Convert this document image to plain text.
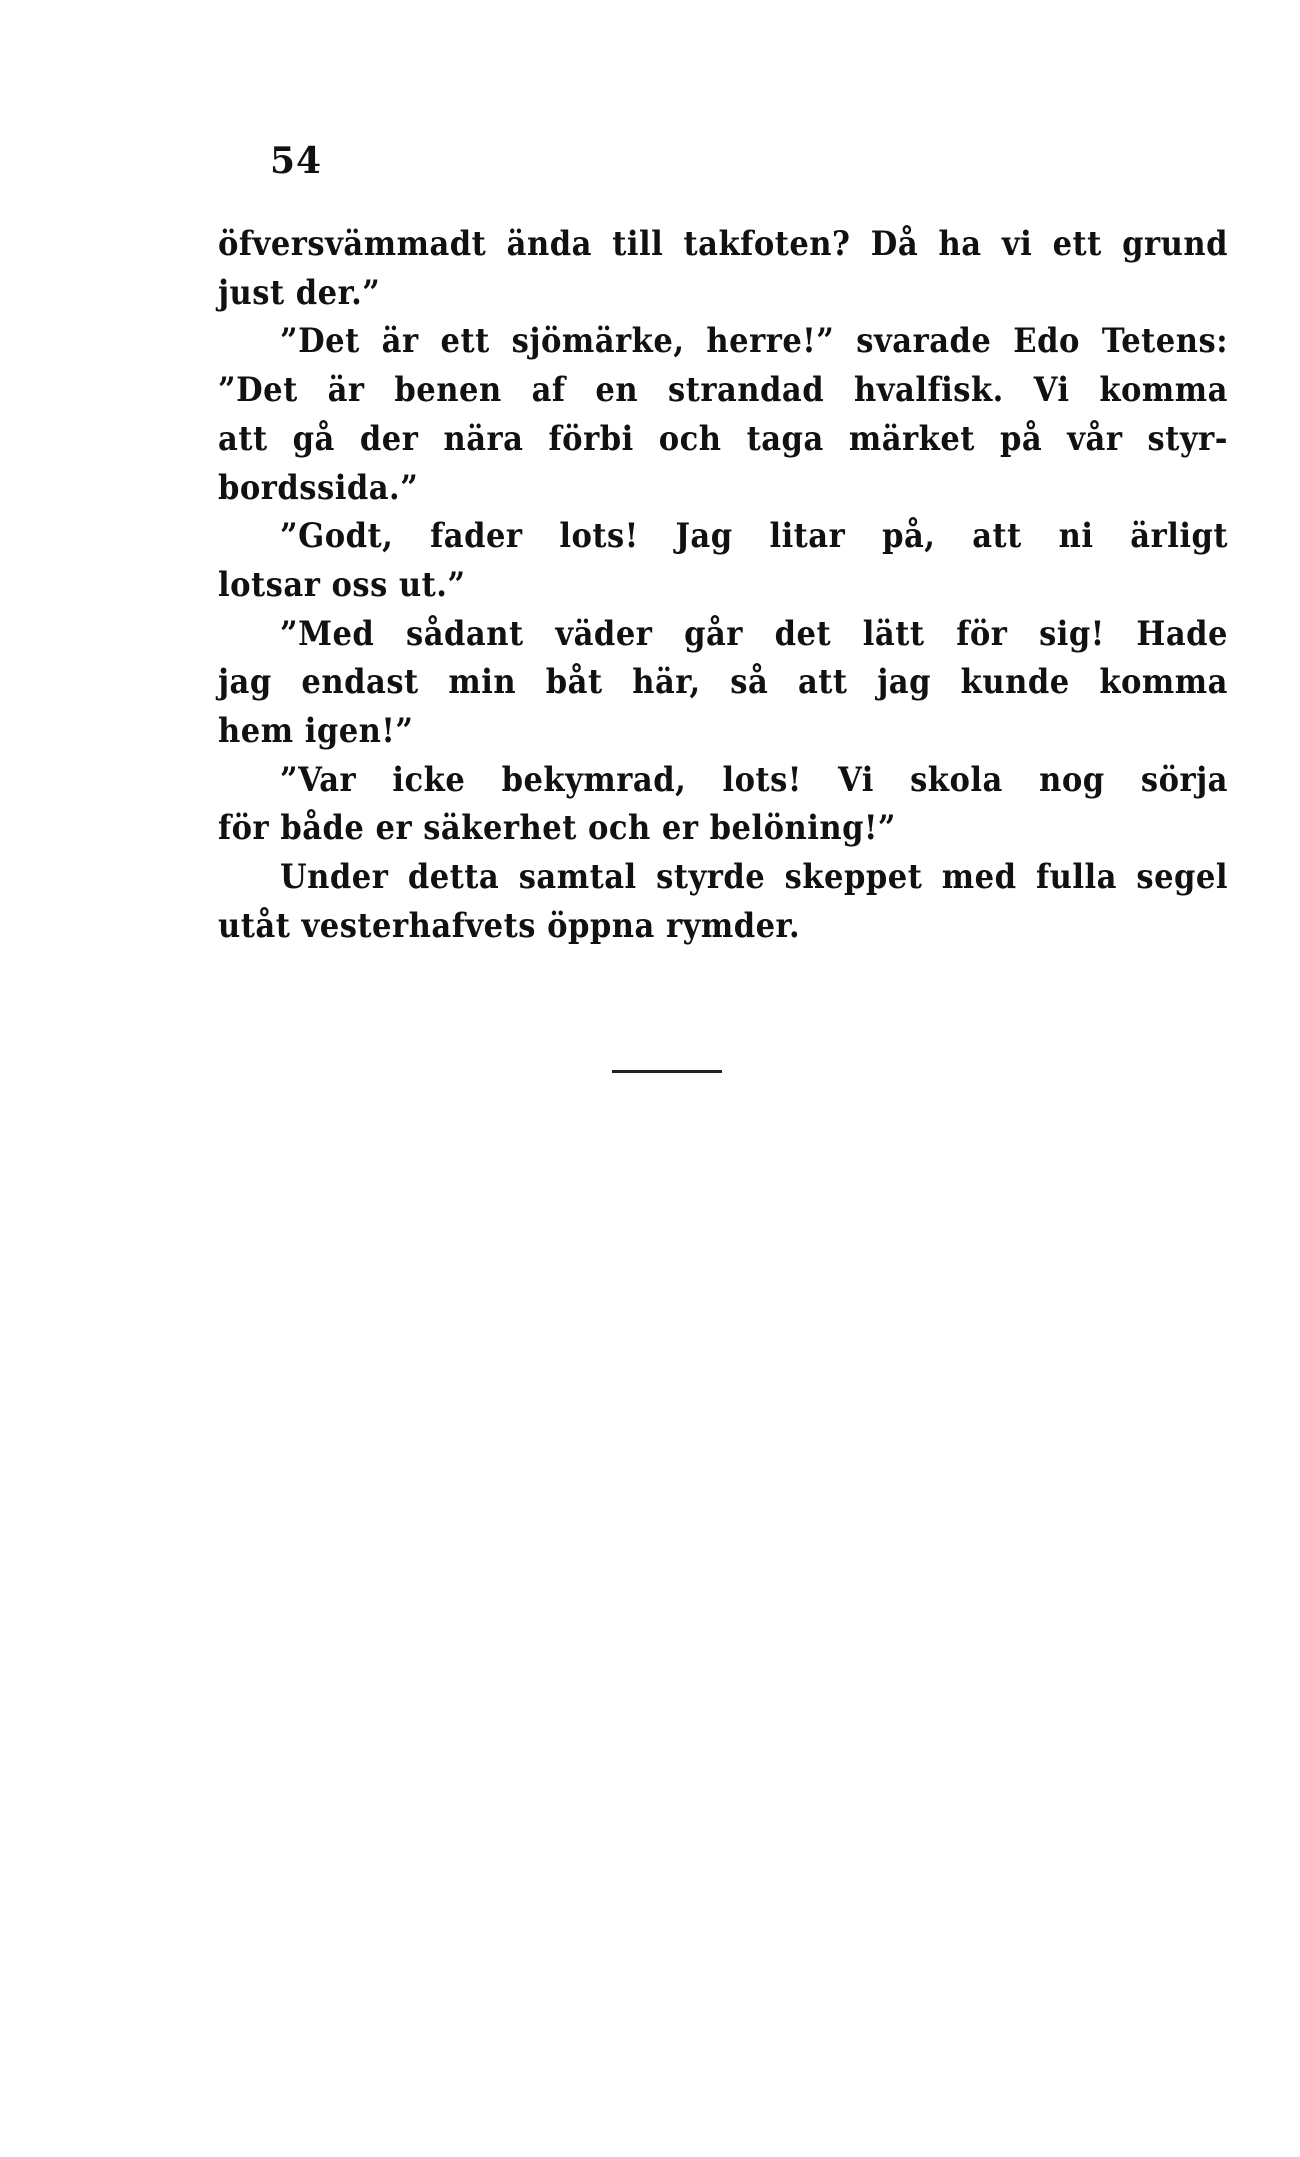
54
öfversvämmadt ända till takfoten? Då ha vi ett grund
just der.”
”Det är ett sjömärke, herre!” svarade Edo Tetens:
”Det är benen af en strandad hvalfisk. Vi komma
att gå der nära förbi och taga märket på vår styr-
bordssida.”
”Godt, fader lots! Jag litar på, att ni ärligt
lotsar oss ut.”
”Med sådant väder går det lätt för sig! Hade
jag endast min båt här, så att jag kunde komma
hem igen!”
”Var icke bekymrad, lots! Vi skola nog sörja
för både er säkerhet och er belöning!”
Under detta samtal styrde skeppet med fulla segel
utåt vesterhafvets öppna rymder.
